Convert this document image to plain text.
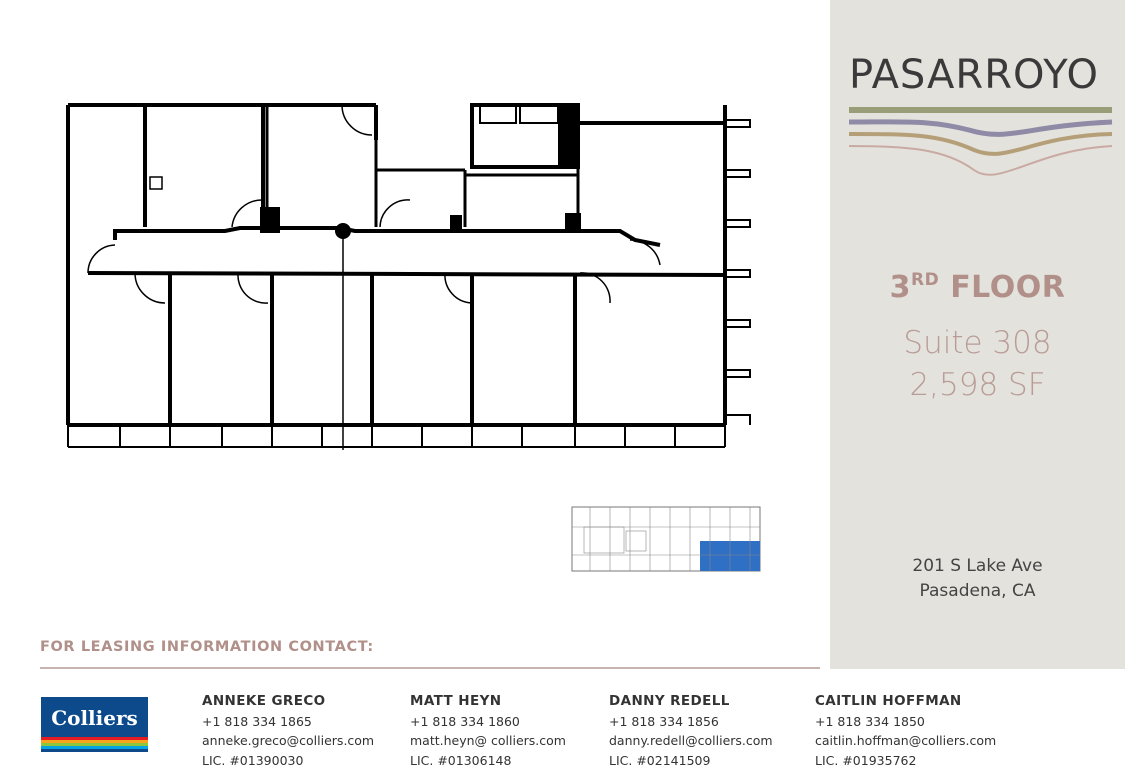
PASARROYO
3RD FLOOR
Suite 308
2,598 SF
201 S Lake Ave
Pasadena, CA
FOR LEASING INFORMATION CONTACT:
Colliers
ANNEKE GRECO
+1 818 334 1865
anneke.greco@colliers.com
LIC. #01390030
MATT HEYN
+1 818 334 1860
matt.heyn@ colliers.com
LIC. #01306148
DANNY REDELL
+1 818 334 1856
danny.redell@colliers.com
LIC. #02141509
CAITLIN HOFFMAN
+1 818 334 1850
caitlin.hoffman@colliers.com
LIC. #01935762
